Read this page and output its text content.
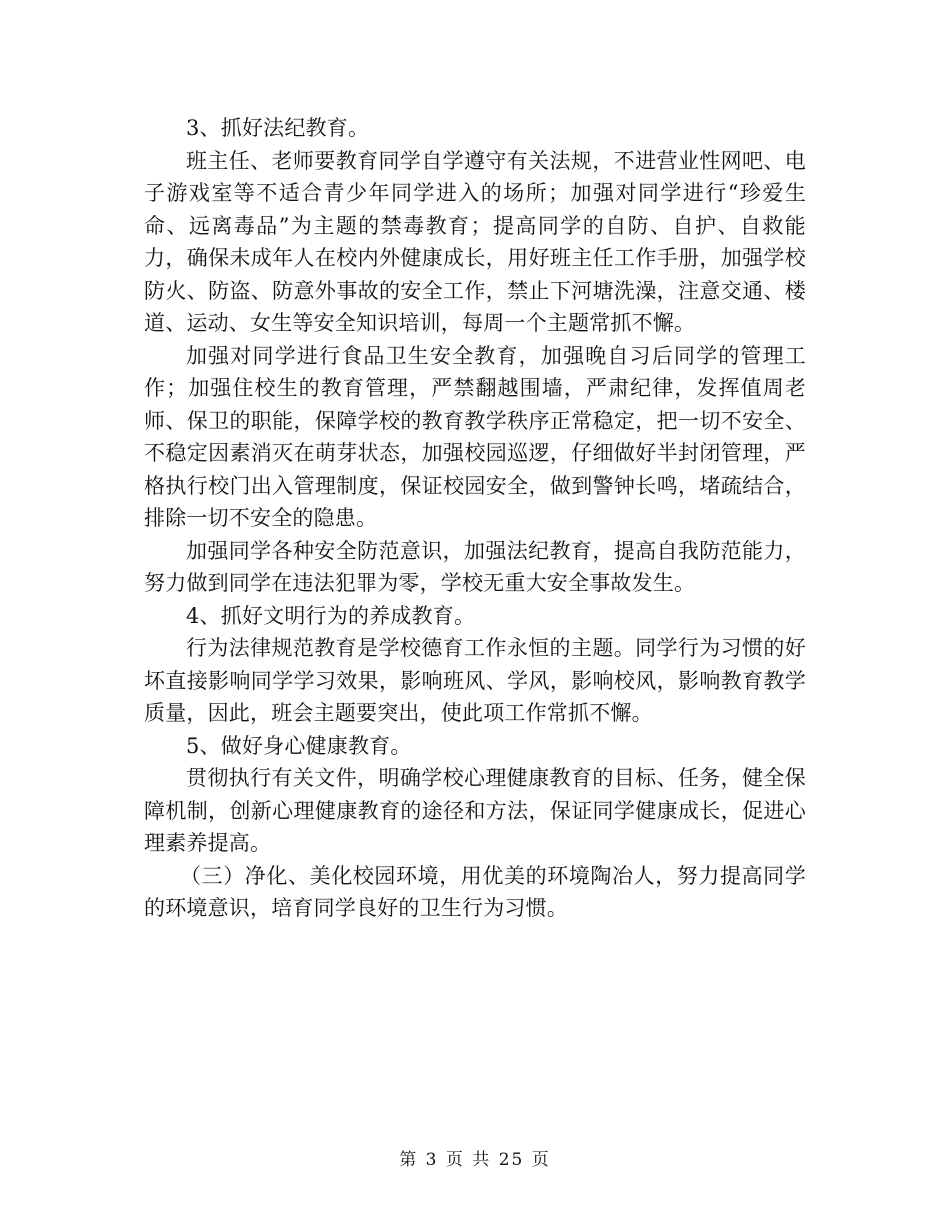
3、抓好法纪教育。

班主任、老师要教育同学自学遵守有关法规，不进营业性网吧、电子游戏室等不适合青少年同学进入的场所；加强对同学进行“珍爱生命、远离毒品”为主题的禁毒教育；提高同学的自防、自护、自救能力，确保未成年人在校内外健康成长，用好班主任工作手册，加强学校防火、防盗、防意外事故的安全工作，禁止下河塘洗澡，注意交通、楼道、运动、女生等安全知识培训，每周一个主题常抓不懈。

加强对同学进行食品卫生安全教育，加强晚自习后同学的管理工作；加强住校生的教育管理，严禁翻越围墙，严肃纪律，发挥值周老师、保卫的职能，保障学校的教育教学秩序正常稳定，把一切不安全、不稳定因素消灭在萌芽状态，加强校园巡逻，仔细做好半封闭管理，严格执行校门出入管理制度，保证校园安全，做到警钟长鸣，堵疏结合，排除一切不安全的隐患。

加强同学各种安全防范意识，加强法纪教育，提高自我防范能力，努力做到同学在违法犯罪为零，学校无重大安全事故发生。

4、抓好文明行为的养成教育。

行为法律规范教育是学校德育工作永恒的主题。同学行为习惯的好坏直接影响同学学习效果，影响班风、学风，影响校风，影响教育教学质量，因此，班会主题要突出，使此项工作常抓不懈。

5、做好身心健康教育。

贯彻执行有关文件，明确学校心理健康教育的目标、任务，健全保障机制，创新心理健康教育的途径和方法，保证同学健康成长，促进心理素养提高。

（三）净化、美化校园环境，用优美的环境陶冶人，努力提高同学的环境意识，培育同学良好的卫生行为习惯。

第 3 页 共 25 页
